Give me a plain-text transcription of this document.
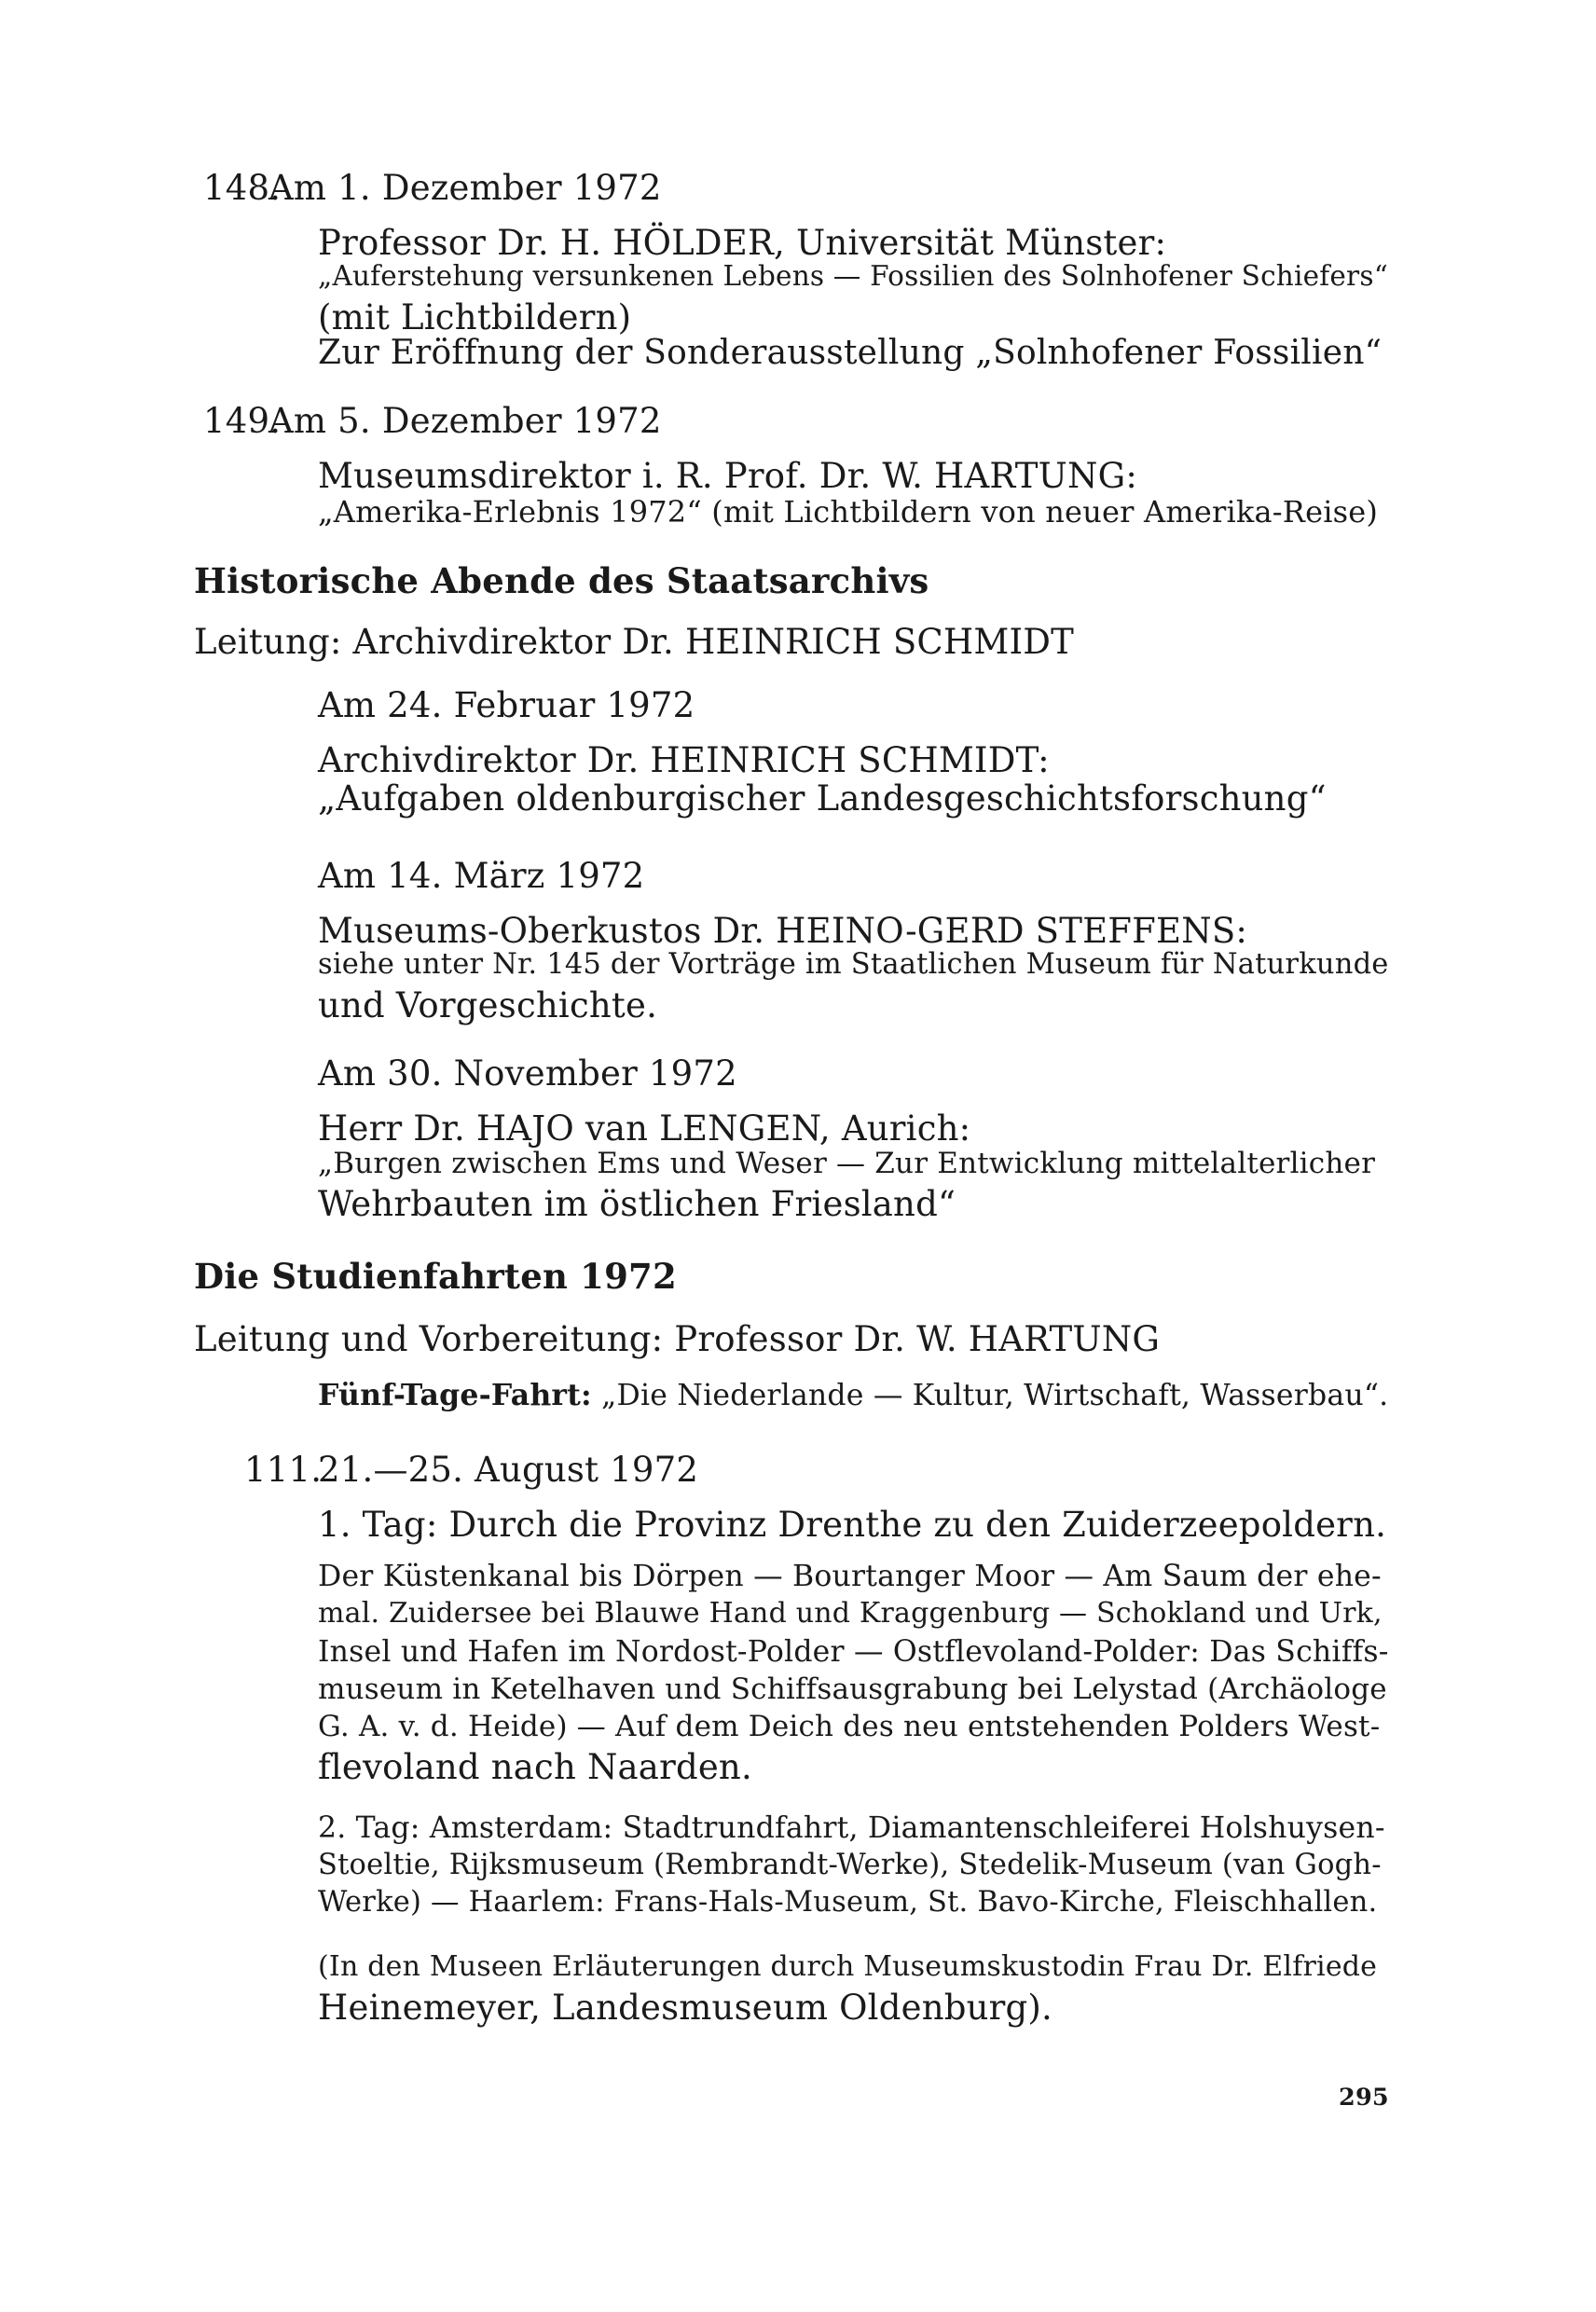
148.
Am 1. Dezember 1972
Professor Dr. H. HÖLDER, Universität Münster:
„Auferstehung versunkenen Lebens — Fossilien des Solnhofener Schiefers“
(mit Lichtbildern)
Zur Eröffnung der Sonderausstellung „Solnhofener Fossilien“
149.
Am 5. Dezember 1972
Museumsdirektor i. R. Prof. Dr. W. HARTUNG:
„Amerika-Erlebnis 1972“ (mit Lichtbildern von neuer Amerika-Reise)
Historische Abende des Staatsarchivs
Leitung: Archivdirektor Dr. HEINRICH SCHMIDT
Am 24. Februar 1972
Archivdirektor Dr. HEINRICH SCHMIDT:
„Aufgaben oldenburgischer Landesgeschichtsforschung“
Am 14. März 1972
Museums-Oberkustos Dr. HEINO-GERD STEFFENS:
siehe unter Nr. 145 der Vorträge im Staatlichen Museum für Naturkunde
und Vorgeschichte.
Am 30. November 1972
Herr Dr. HAJO van LENGEN, Aurich:
„Burgen zwischen Ems und Weser — Zur Entwicklung mittelalterlicher
Wehrbauten im östlichen Friesland“
Die Studienfahrten 1972
Leitung und Vorbereitung: Professor Dr. W. HARTUNG
Fünf-Tage-Fahrt: „Die Niederlande — Kultur, Wirtschaft, Wasserbau“.
111.
21.—25. August 1972
1. Tag: Durch die Provinz Drenthe zu den Zuiderzeepoldern.
Der Küstenkanal bis Dörpen — Bourtanger Moor — Am Saum der ehe-
mal. Zuidersee bei Blauwe Hand und Kraggenburg — Schokland und Urk,
Insel und Hafen im Nordost-Polder — Ostflevoland-Polder: Das Schiffs-
museum in Ketelhaven und Schiffsausgrabung bei Lelystad (Archäologe
G. A. v. d. Heide) — Auf dem Deich des neu entstehenden Polders West-
flevoland nach Naarden.
2. Tag: Amsterdam: Stadtrundfahrt, Diamantenschleiferei Holshuysen-
Stoeltie, Rijksmuseum (Rembrandt-Werke), Stedelik-Museum (van Gogh-
Werke) — Haarlem: Frans-Hals-Museum, St. Bavo-Kirche, Fleischhallen.
(In den Museen Erläuterungen durch Museumskustodin Frau Dr. Elfriede
Heinemeyer, Landesmuseum Oldenburg).
295
